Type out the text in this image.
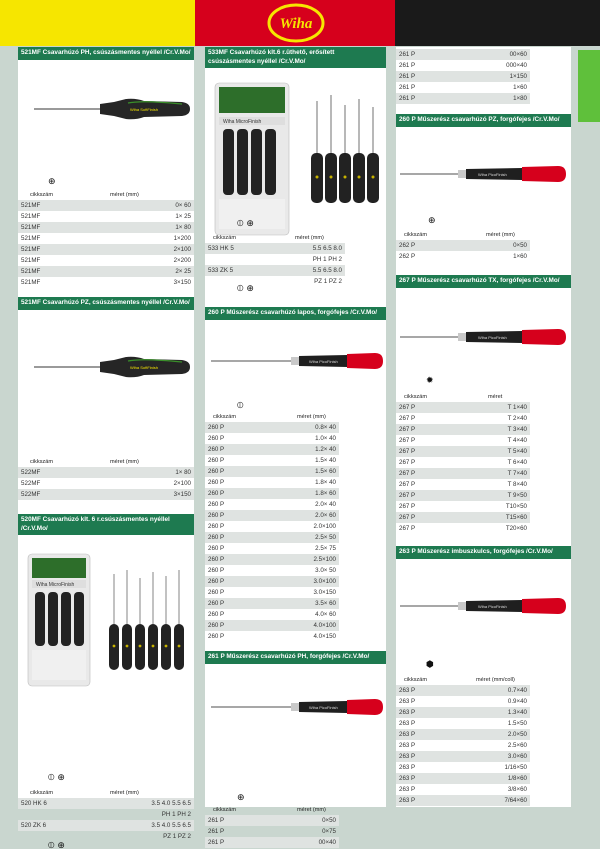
Wiha
521MF Csavarhúzó PH, csúszásmentes nyéllel /Cr.V.Mo/
Wiha SoftFinish
⊕
cikkszám	méret (mm)
521MF	0× 60
521MF	1× 25
521MF	1× 80
521MF	1×200
521MF	2×100
521MF	2×200
521MF	2× 25
521MF	3×150
521MF Csavarhúzó PZ, csúszásmentes nyéllel /Cr.V.Mo/
Wiha SoftFinish
cikkszám	méret (mm)
522MF	1× 80
522MF	2×100
522MF	3×150
520MF Csavarhúzó klt. 6 r.csúszásmentes nyéllel /Cr.V.Mo/
Wiha MicroFinish
⦶ ⊕
cikkszám	méret (mm)
520 HK 6	3.5 4.0 5.5 6.5
	PH 1 PH 2
520 ZK 6	3.5 4.0 5.5 6.5
	PZ 1 PZ 2
⦶ ⊕
533MF Csavarhúzó klt.6 r.üthető, erősített csúszásmentes nyéllel /Cr.V.Mo/
Wiha MicroFinish
⦶ ⊕
cikkszám	méret (mm)
533 HK 5	5.5 6.5 8.0
	PH 1 PH 2
533 ZK 5	5.5 6.5 8.0
	PZ 1 PZ 2
⦶ ⊕
260 P Műszerész csavarhúzó lapos, forgófejes /Cr.V.Mo/
Wiha PicoFinish
⦶
cikkszám	méret (mm)
260 P	0.8× 40
260 P	1.0× 40
260 P	1.2× 40
260 P	1.5× 40
260 P	1.5× 60
260 P	1.8× 40
260 P	1.8× 60
260 P	2.0× 40
260 P	2.0× 60
260 P	2.0×100
260 P	2.5× 50
260 P	2.5× 75
260 P	2.5×100
260 P	3.0× 50
260 P	3.0×100
260 P	3.0×150
260 P	3.5× 60
260 P	4.0× 60
260 P	4.0×100
260 P	4.0×150
261 P Műszerész csavarhúzó PH, forgófejes /Cr.V.Mo/
Wiha PicoFinish
⊕
cikkszám	méret (mm)
261 P	0×50
261 P	0×75
261 P	00×40
261 P	00×60
261 P	000×40
261 P	1×150
261 P	1×60
261 P	1×80
260 P Műszerész csavarhúzó PZ, forgófejes /Cr.V.Mo/
Wiha PicoFinish
⊕
cikkszám	méret (mm)
262 P	0×50
262 P	1×60
267 P Műszerész csavarhúzó TX, forgófejes /Cr.V.Mo/
Wiha PicoFinish
✹
cikkszám	méret
267 P	T 1×40
267 P	T 2×40
267 P	T 3×40
267 P	T 4×40
267 P	T 5×40
267 P	T 6×40
267 P	T 7×40
267 P	T 8×40
267 P	T 9×50
267 P	T10×50
267 P	T15×60
267 P	T20×60
263 P Műszerész imbuszkulcs, forgófejes /Cr.V.Mo/
Wiha PicoFinish
⬢
cikkszám	méret (mm/coll)
263 P	0.7×40
263 P	0.9×40
263 P	1.3×40
263 P	1.5×50
263 P	2.0×50
263 P	2.5×60
263 P	3.0×60
263 P	1/16×50
263 P	1/8×60
263 P	3/8×60
263 P	7/64×60
